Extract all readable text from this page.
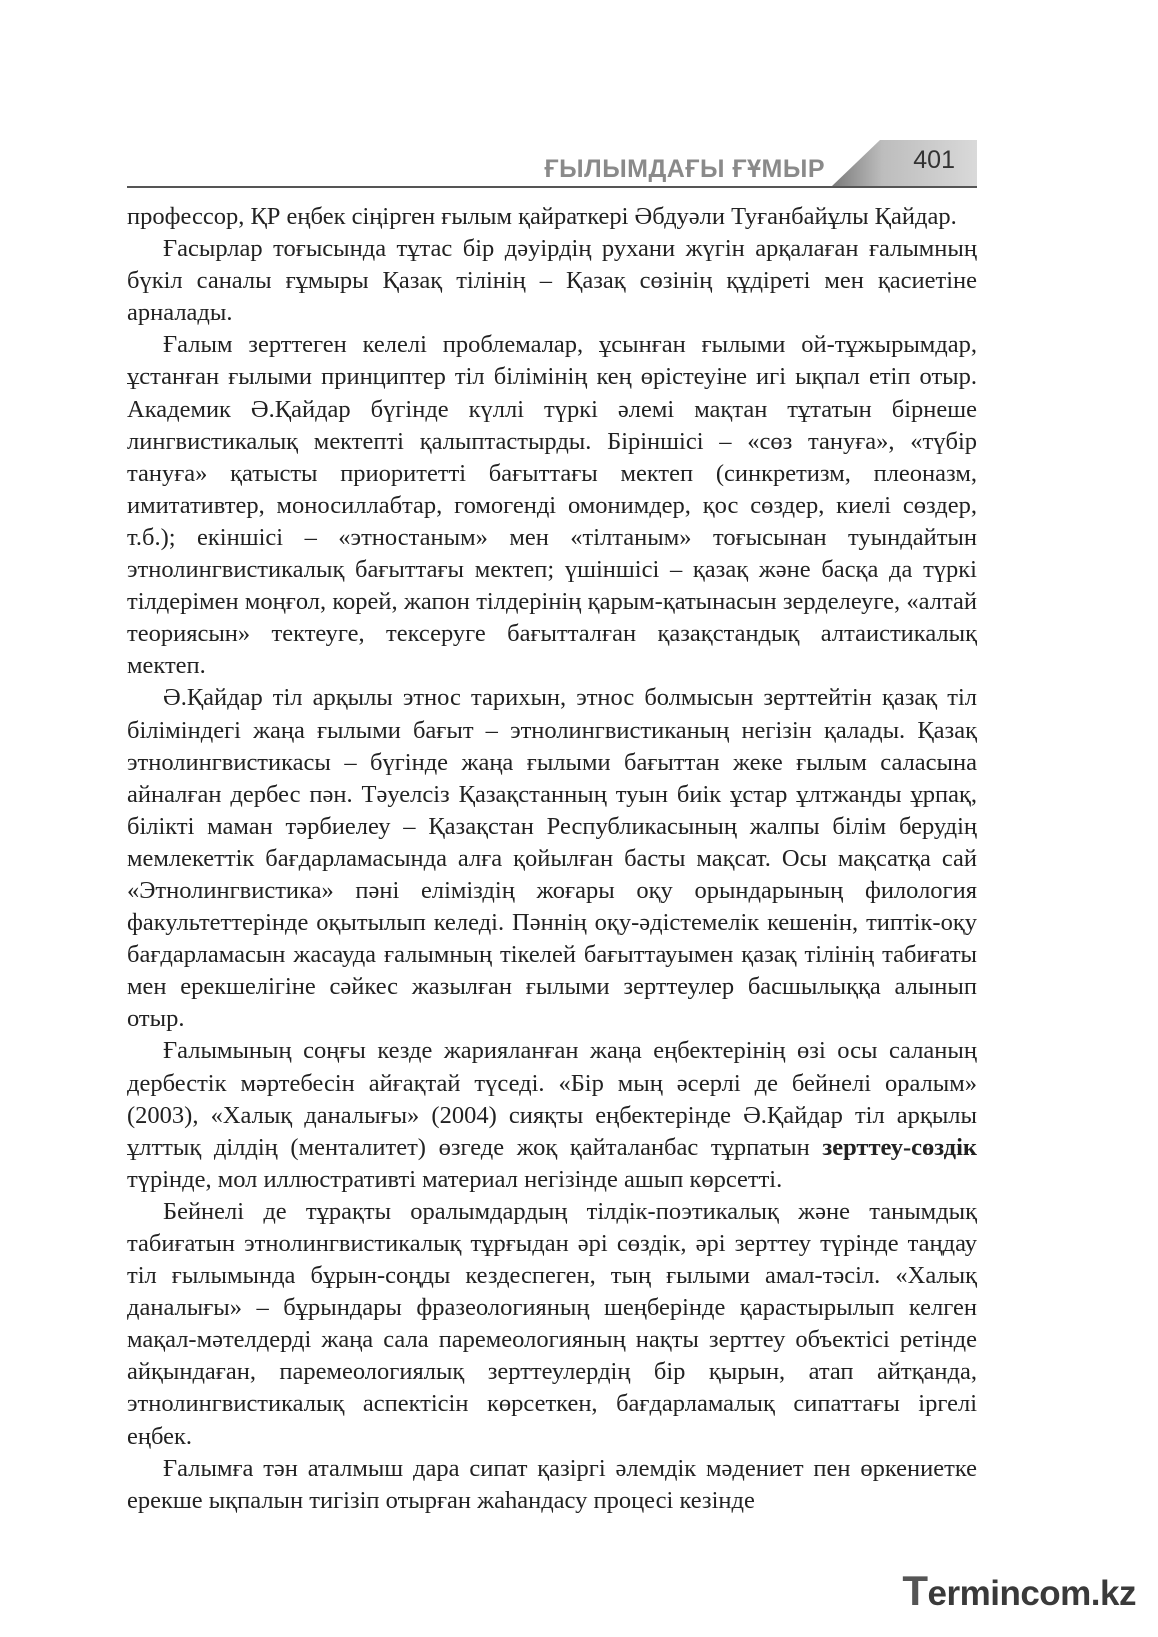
ҒЫЛЫМДАҒЫ ҒҰМЫР	401

профессор, ҚР еңбек сіңірген ғылым қайраткері Әбдуәли Туғанбайұлы Қайдар.

Ғасырлар тоғысында тұтас бір дәуірдің рухани жүгін арқалаған ғалымның бүкіл саналы ғұмыры Қазақ тілінің – Қазақ сөзінің құдіреті мен қасиетіне арналады.

Ғалым зерттеген келелі проблемалар, ұсынған ғылыми ой-тұжырымдар, ұстанған ғылыми принциптер тіл білімінің кең өрістеуіне игі ықпал етіп отыр. Академик Ә.Қайдар бүгінде күллі түркі әлемі мақтан тұтатын бірнеше лингвистикалық мектепті қалыптастырды. Біріншісі – «сөз тануға», «түбір тануға» қатысты приоритетті бағыттағы мектеп (синкретизм, плеоназм, имитативтер, моносиллабтар, гомогенді омонимдер, қос сөздер, киелі сөздер, т.б.); екіншісі – «этностаным» мен «тілтаным» тоғысынан туындайтын этнолингвистикалық бағыттағы мектеп; үшіншісі – қазақ және басқа да түркі тілдерімен моңғол, корей, жапон тілдерінің қарым-қатынасын зерделеуге, «алтай теориясын» тектеуге, тексеруге бағытталған қазақстандық алтаистикалық мектеп.

Ә.Қайдар тіл арқылы этнос тарихын, этнос болмысын зерттейтін қазақ тіл біліміндегі жаңа ғылыми бағыт – этнолингвистиканың негізін қалады. Қазақ этнолингвистикасы – бүгінде жаңа ғылыми бағыттан жеке ғылым саласына айналған дербес пән. Тәуелсіз Қазақстанның туын биік ұстар ұлтжанды ұрпақ, білікті маман тәрбиелеу – Қазақстан Республикасының жалпы білім берудің мемлекеттік бағдарламасында алға қойылған басты мақсат. Осы мақсатқа сай «Этнолингвистика» пәні еліміздің жоғары оқу орындарының филология факультеттерінде оқытылып келеді. Пәннің оқу-әдістемелік кешенін, типтік-оқу бағдарламасын жасауда ғалымның тікелей бағыттауымен қазақ тілінің табиғаты мен ерекшелігіне сәйкес жазылған ғылыми зерттеулер басшылыққа алынып отыр.

Ғалымының соңғы кезде жарияланған жаңа еңбектерінің өзі осы саланың дербестік мәртебесін айғақтай түседі. «Бір мың әсерлі де бейнелі оралым» (2003), «Халық даналығы» (2004) сияқты еңбектерінде Ә.Қайдар тіл арқылы ұлттық ділдің (менталитет) өзгеде жоқ қайталанбас тұрпатын зерттеу-сөздік түрінде, мол иллюстративті материал негізінде ашып көрсетті.

Бейнелі де тұрақты оралымдардың тілдік-поэтикалық және танымдық табиғатын этнолингвистикалық тұрғыдан әрі сөздік, әрі зерттеу түрінде таңдау тіл ғылымында бұрын-соңды кездеспеген, тың ғылыми амал-тәсіл. «Халық даналығы» – бұрындары фразеологияның шеңберінде қарастырылып келген мақал-мәтелдерді жаңа сала паремеологияның нақты зерттеу объектісі ретінде айқындаған, паремеологиялық зерттеулердің бір қырын, атап айтқанда, этнолингвистикалық аспектісін көрсеткен, бағдарламалық сипаттағы іргелі еңбек.

Ғалымға тән аталмыш дара сипат қазіргі әлемдік мәдениет пен өркениетке ерекше ықпалын тигізіп отырған жаһандасу процесі кезінде

Termincom.kz
